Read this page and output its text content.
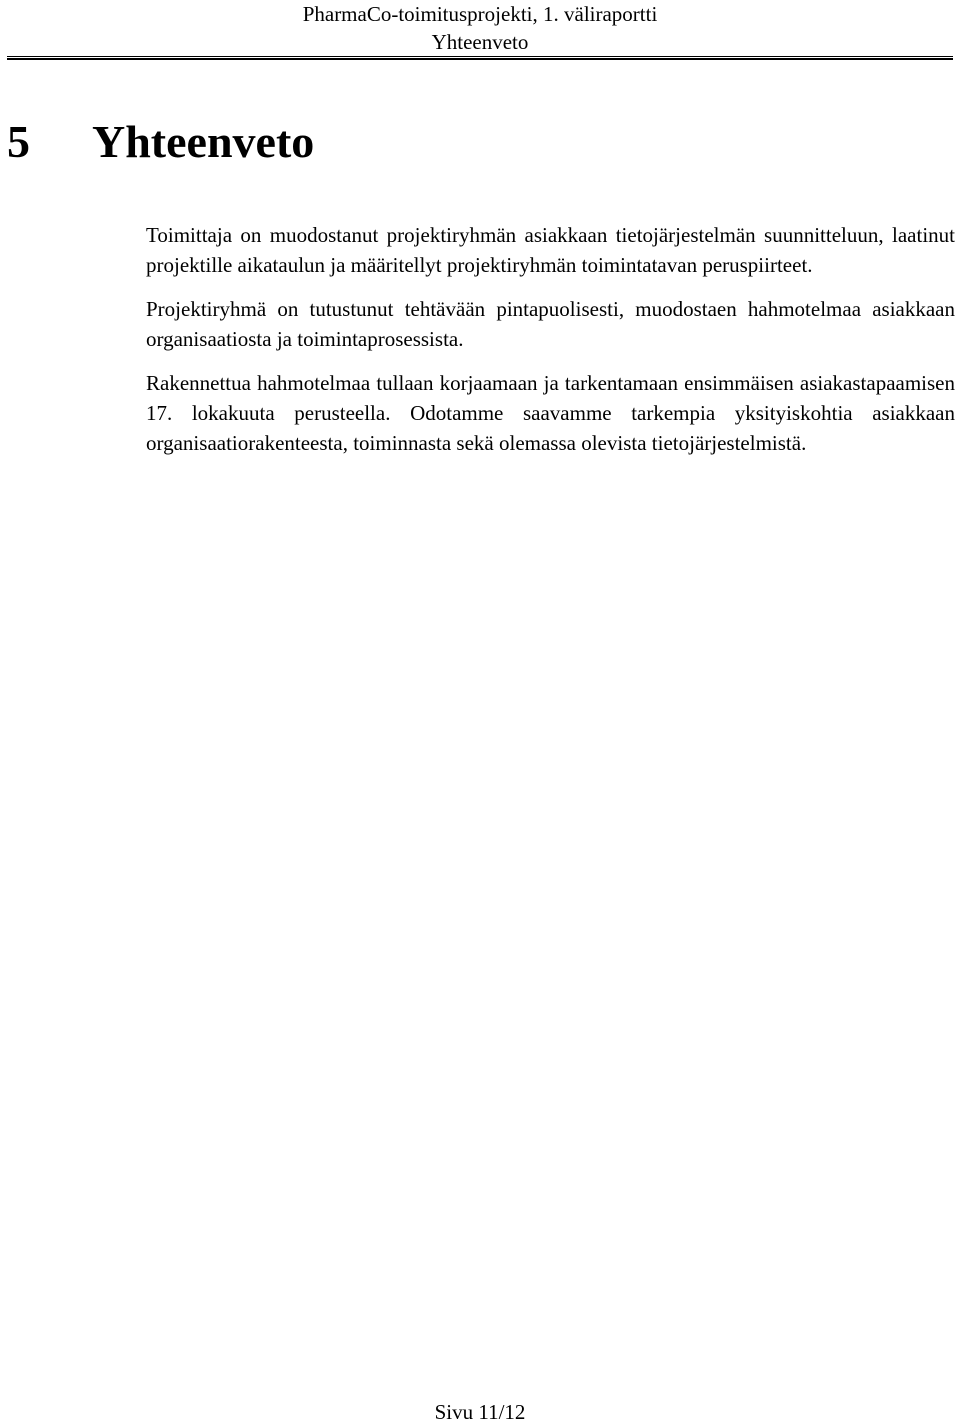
PharmaCo-toimitusprojekti, 1. väliraportti
Yhteenveto
5 Yhteenveto

Toimittaja on muodostanut projektiryhmän asiakkaan tietojärjestelmän suunnitteluun, laatinut projektille aikataulun ja määritellyt projektiryhmän toimintatavan peruspiirteet.

Projektiryhmä on tutustunut tehtävään pintapuolisesti, muodostaen hahmotelmaa asiakkaan organisaatiosta ja toimintaprosessista.

Rakennettua hahmotelmaa tullaan korjaamaan ja tarkentamaan ensimmäisen asiakastapaamisen 17. lokakuuta perusteella. Odotamme saavamme tarkempia yksityiskohtia asiakkaan organisaatiorakenteesta, toiminnasta sekä olemassa olevista tietojärjestelmistä.

Sivu 11/12
